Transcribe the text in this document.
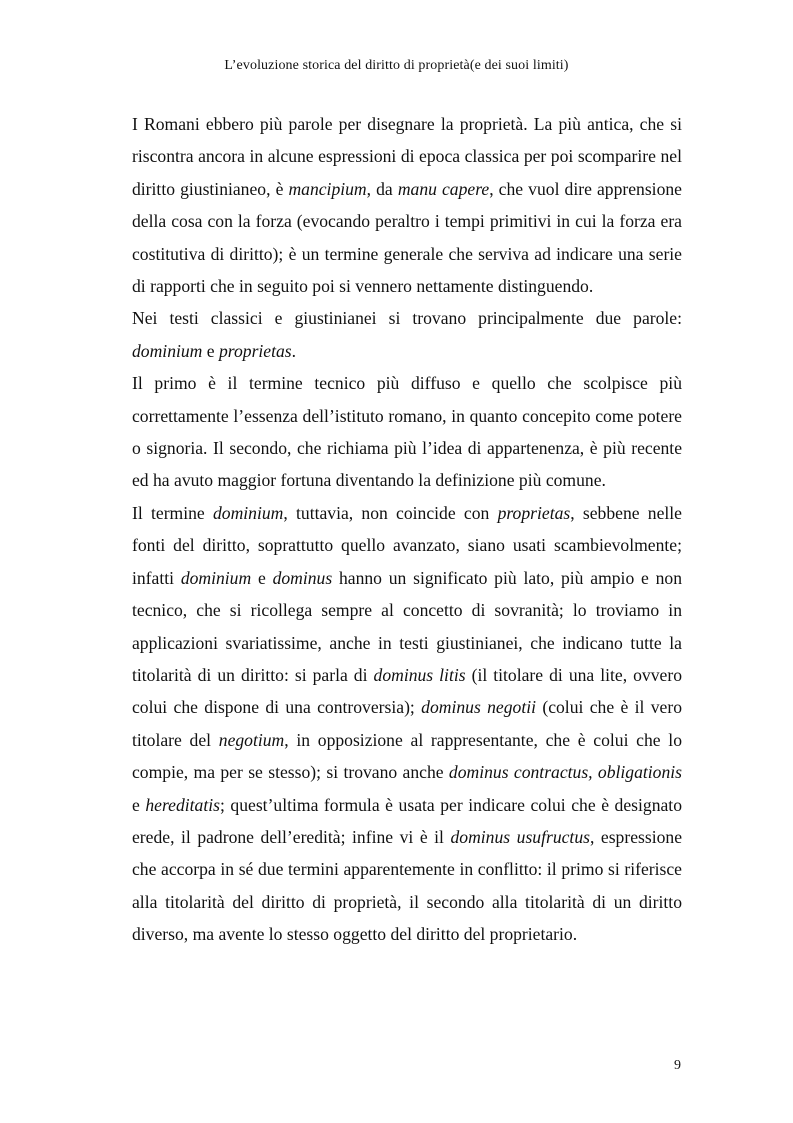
L’evoluzione storica del diritto di proprietà(e dei suoi limiti)

I Romani ebbero più parole per disegnare la proprietà. La più antica, che si riscontra ancora in alcune espressioni di epoca classica per poi scomparire nel diritto giustinianeo, è mancipium, da manu capere, che vuol dire apprensione della cosa con la forza (evocando peraltro i tempi primitivi in cui la forza era costitutiva di diritto); è un termine generale che serviva ad indicare una serie di rapporti che in seguito poi si vennero nettamente distinguendo.

Nei testi classici e giustinianei si trovano principalmente due parole: dominium e proprietas.

Il primo è il termine tecnico più diffuso e quello che scolpisce più correttamente l’essenza dell’istituto romano, in quanto concepito come potere o signoria. Il secondo, che richiama più l’idea di appartenenza, è più recente ed ha avuto maggior fortuna diventando la definizione più comune.

Il termine dominium, tuttavia, non coincide con proprietas, sebbene nelle fonti del diritto, soprattutto quello avanzato, siano usati scambievolmente; infatti dominium e dominus hanno un significato più lato, più ampio e non tecnico, che si ricollega sempre al concetto di sovranità; lo troviamo in applicazioni svariatissime, anche in testi giustinianei, che indicano tutte la titolarità di un diritto: si parla di dominus litis (il titolare di una lite, ovvero colui che dispone di una controversia); dominus negotii (colui che è il vero titolare del negotium, in opposizione al rappresentante, che è colui che lo compie, ma per se stesso); si trovano anche dominus contractus, obligationis e hereditatis; quest’ultima formula è usata per indicare colui che è designato erede, il padrone dell’eredità; infine vi è il dominus usufructus, espressione che accorpa in sé due termini apparentemente in conflitto: il primo si riferisce alla titolarità del diritto di proprietà, il secondo alla titolarità di un diritto diverso, ma avente lo stesso oggetto del diritto del proprietario.

9
